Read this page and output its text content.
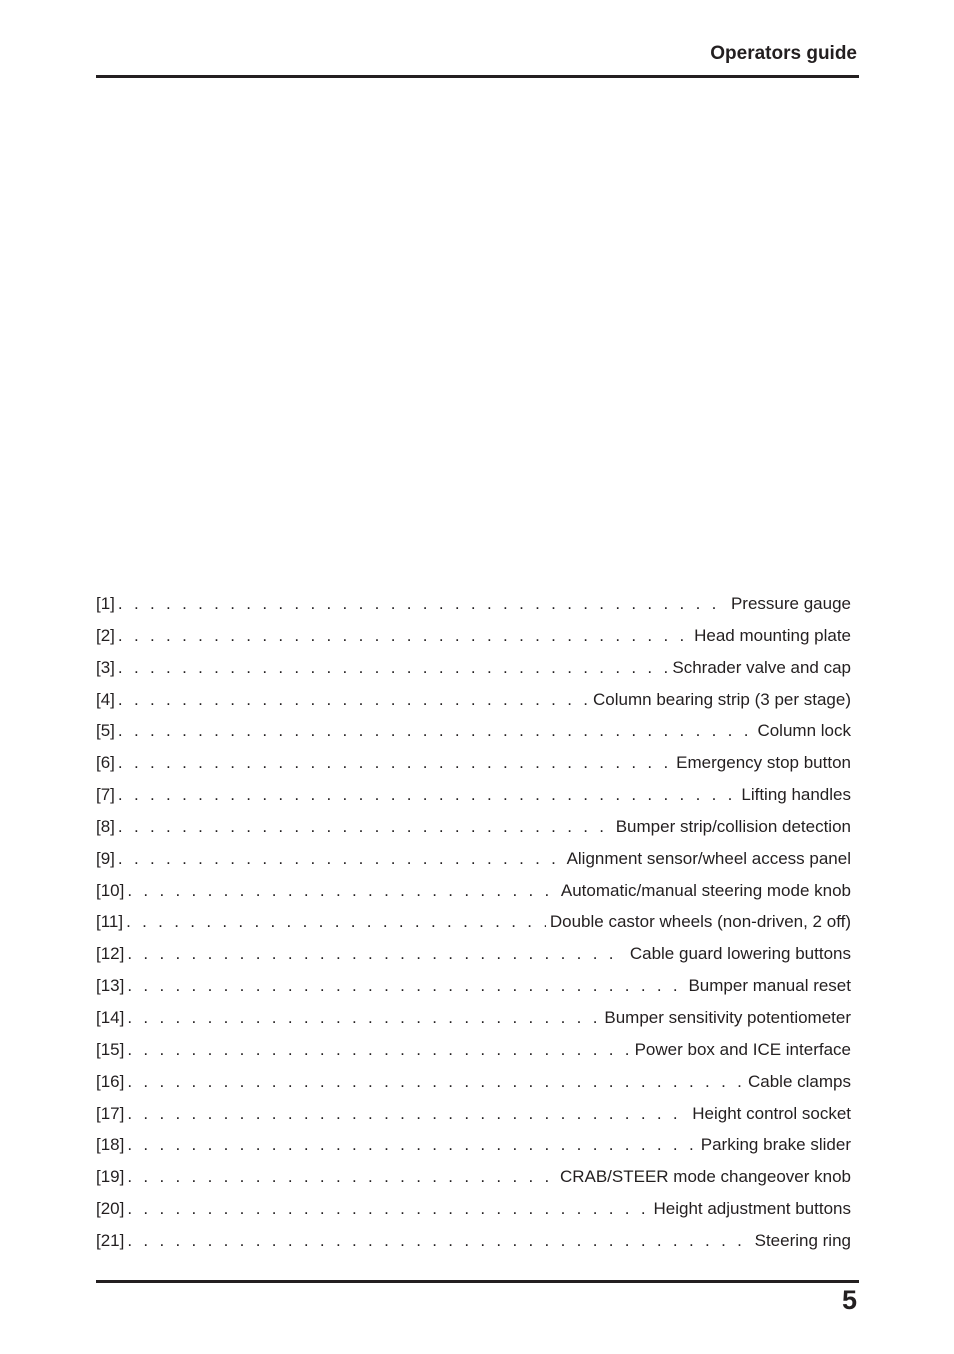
Operators guide
[1] . . .	Pressure gauge
[2] . . .	Head mounting plate
[3] . . .	Schrader valve and cap
[4] . . .	Column bearing strip (3 per stage)
[5] . . .	Column lock
[6] . . .	Emergency stop button
[7] . . .	Lifting handles
[8] . . .	Bumper strip/collision detection
[9] . . .	Alignment sensor/wheel access panel
[10] . . .	Automatic/manual steering mode knob
[11] . . .	Double castor wheels (non-driven, 2 off)
[12] . . .	Cable guard lowering buttons
[13] . . .	Bumper manual reset
[14] . . .	Bumper sensitivity potentiometer
[15] . . .	Power box and ICE interface
[16] . . .	Cable clamps
[17] . . .	Height control socket
[18] . . .	Parking brake slider
[19] . . .	CRAB/STEER mode changeover knob
[20] . . .	Height adjustment buttons
[21] . . .	Steering ring
5
